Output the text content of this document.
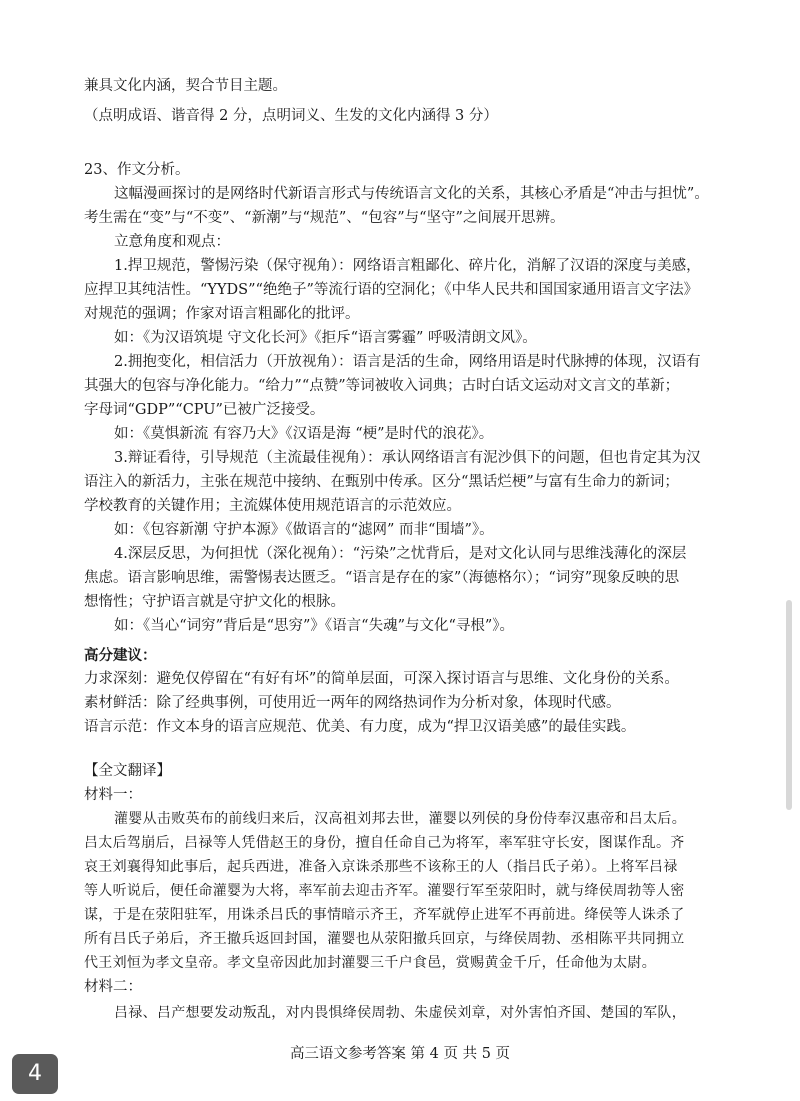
兼具文化内涵，契合节目主题。
（点明成语、谐音得 2 分，点明词义、生发的文化内涵得 3 分）
23、作文分析。
这幅漫画探讨的是网络时代新语言形式与传统语言文化的关系，其核心矛盾是“冲击与担忧”。
考生需在“变”与“不变”、“新潮”与“规范”、“包容”与“坚守”之间展开思辨。
立意角度和观点：
1.捍卫规范，警惕污染（保守视角）：网络语言粗鄙化、碎片化，消解了汉语的深度与美感，
应捍卫其纯洁性。“YYDS”“绝绝子”等流行语的空洞化；《中华人民共和国国家通用语言文字法》
对规范的强调；作家对语言粗鄙化的批评。
如：《为汉语筑堤 守文化长河》《拒斥“语言雾霾” 呼吸清朗文风》。
2.拥抱变化，相信活力（开放视角）：语言是活的生命，网络用语是时代脉搏的体现，汉语有
其强大的包容与净化能力。“给力”“点赞”等词被收入词典；古时白话文运动对文言文的革新；
字母词“GDP”“CPU”已被广泛接受。
如：《莫惧新流 有容乃大》《汉语是海 “梗”是时代的浪花》。
3.辩证看待，引导规范（主流最佳视角）：承认网络语言有泥沙俱下的问题，但也肯定其为汉
语注入的新活力，主张在规范中接纳、在甄别中传承。区分“黑话烂梗”与富有生命力的新词；
学校教育的关键作用；主流媒体使用规范语言的示范效应。
如：《包容新潮 守护本源》《做语言的“滤网” 而非“围墙”》。
4.深层反思，为何担忧（深化视角）：“污染”之忧背后，是对文化认同与思维浅薄化的深层
焦虑。语言影响思维，需警惕表达匮乏。“语言是存在的家”（海德格尔）；“词穷”现象反映的思
想惰性；守护语言就是守护文化的根脉。
如：《当心“词穷”背后是“思穷”》《语言“失魂”与文化“寻根”》。
高分建议：
力求深刻：避免仅停留在“有好有坏”的简单层面，可深入探讨语言与思维、文化身份的关系。
素材鲜活：除了经典事例，可使用近一两年的网络热词作为分析对象，体现时代感。
语言示范：作文本身的语言应规范、优美、有力度，成为“捍卫汉语美感”的最佳实践。
【全文翻译】
材料一：
灌婴从击败英布的前线归来后，汉高祖刘邦去世，灌婴以列侯的身份侍奉汉惠帝和吕太后。
吕太后驾崩后，吕禄等人凭借赵王的身份，擅自任命自己为将军，率军驻守长安，图谋作乱。齐
哀王刘襄得知此事后，起兵西进，准备入京诛杀那些不该称王的人（指吕氏子弟）。上将军吕禄
等人听说后，便任命灌婴为大将，率军前去迎击齐军。灌婴行军至荥阳时，就与绛侯周勃等人密
谋，于是在荥阳驻军，用诛杀吕氏的事情暗示齐王，齐军就停止进军不再前进。绛侯等人诛杀了
所有吕氏子弟后，齐王撤兵返回封国，灌婴也从荥阳撤兵回京，与绛侯周勃、丞相陈平共同拥立
代王刘恒为孝文皇帝。孝文皇帝因此加封灌婴三千户食邑，赏赐黄金千斤，任命他为太尉。
材料二：
吕禄、吕产想要发动叛乱，对内畏惧绛侯周勃、朱虚侯刘章，对外害怕齐国、楚国的军队，
高三语文参考答案 第 4 页 共 5 页
4
